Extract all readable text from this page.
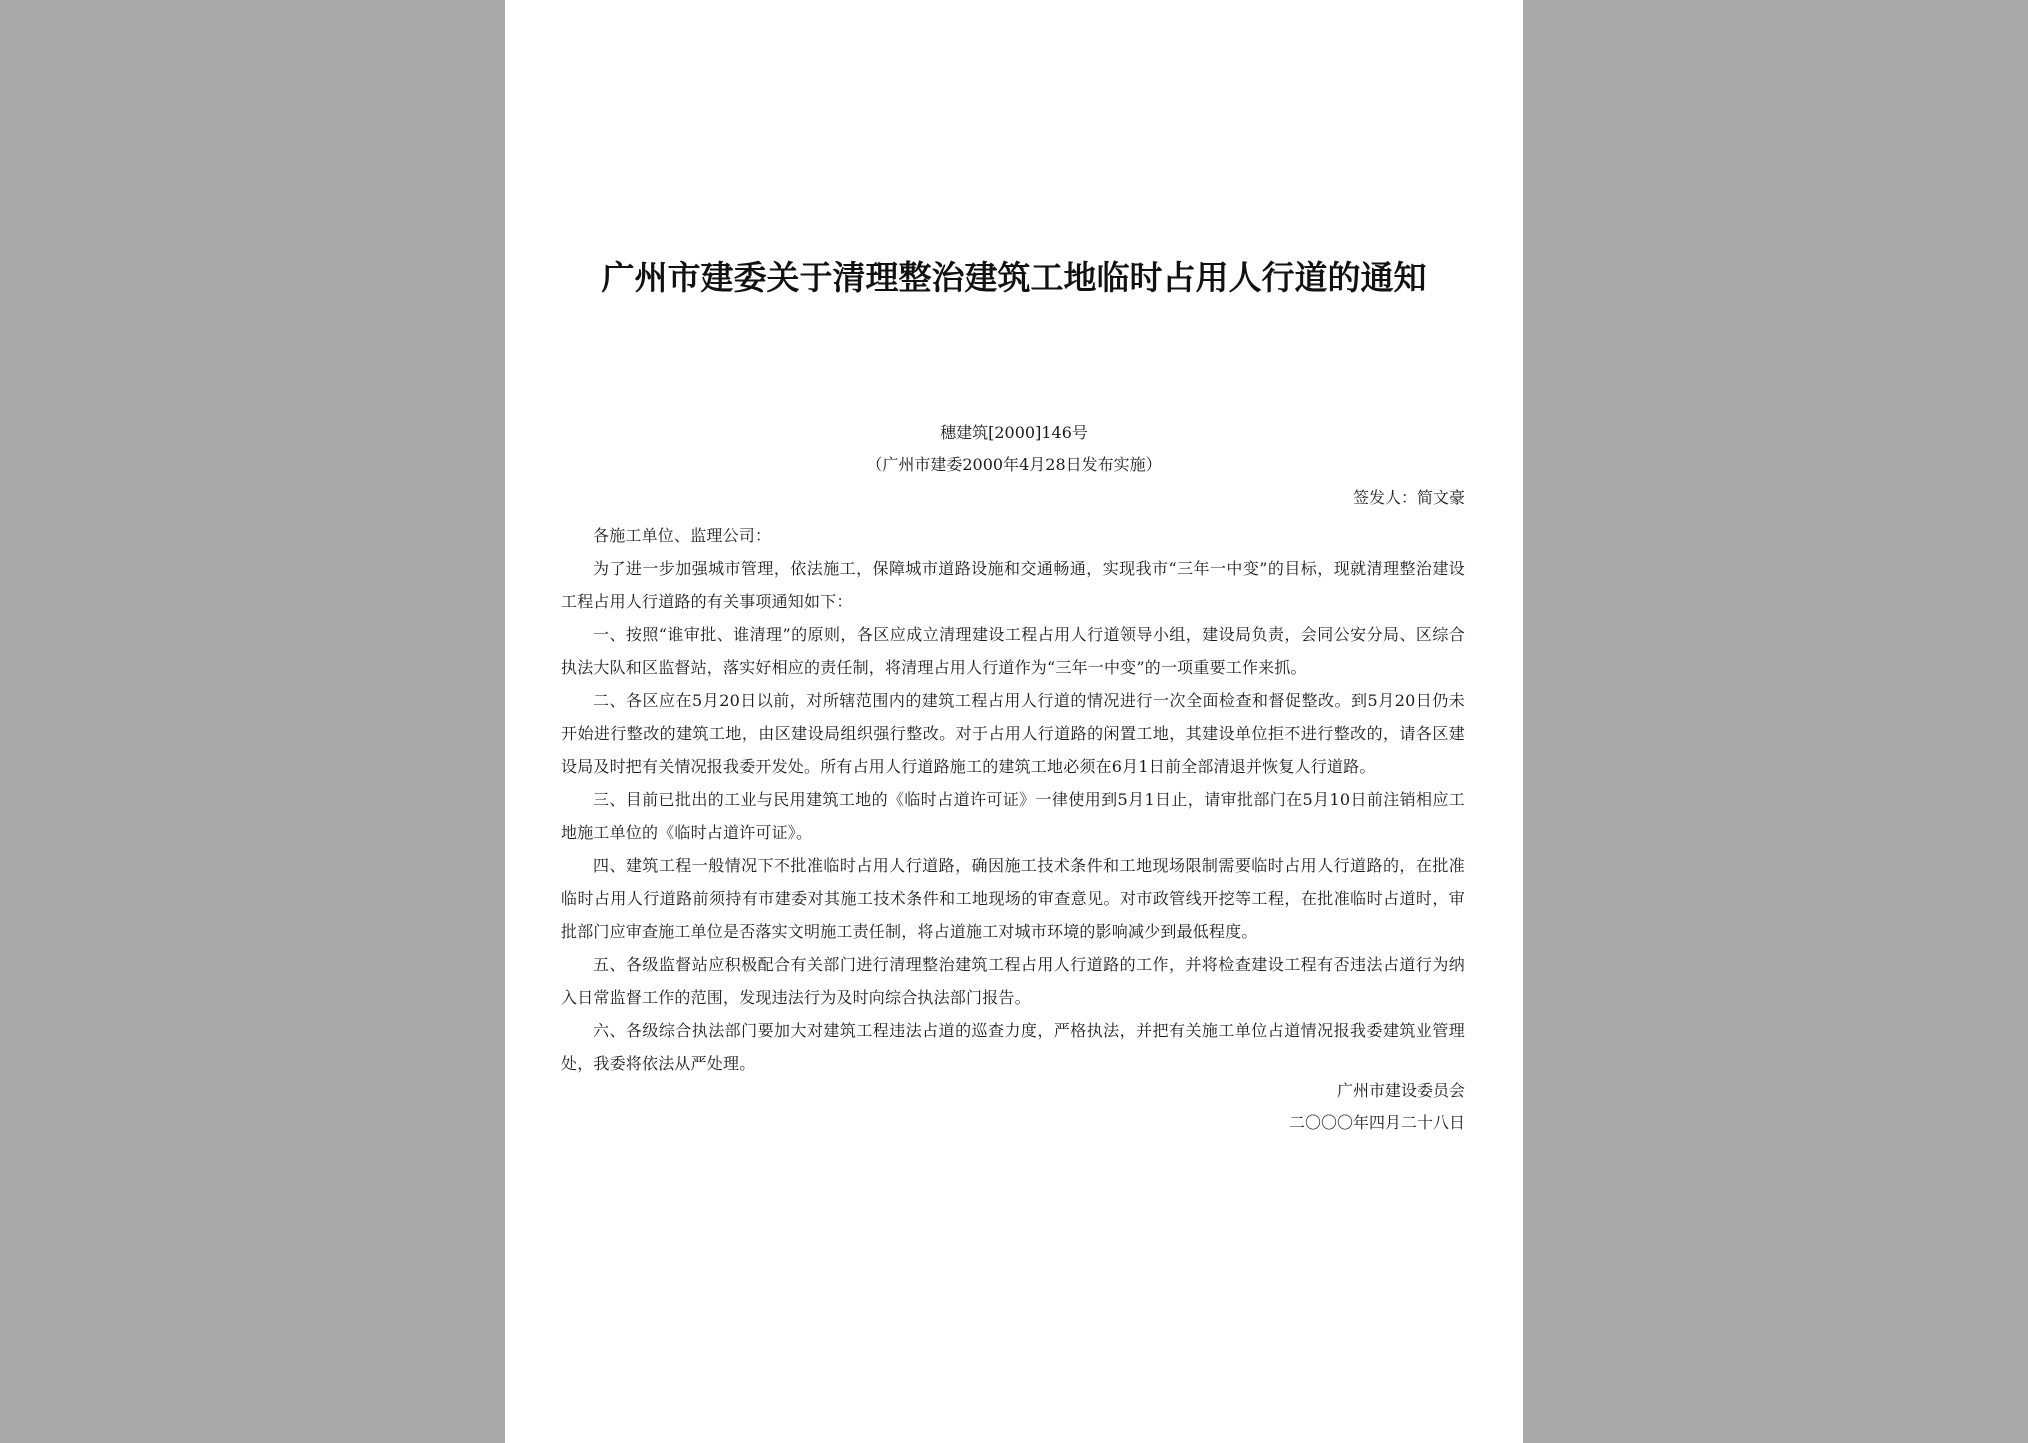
广州市建委关于清理整治建筑工地临时占用人行道的通知
穗建筑[2000]146号
（广州市建委2000年4月28日发布实施）
签发人：简文豪

各施工单位、监理公司：

为了进一步加强城市管理，依法施工，保障城市道路设施和交通畅通，实现我市“三年一中变”的目标，现就清理整治建设工程占用人行道路的有关事项通知如下：

一、按照“谁审批、谁清理”的原则，各区应成立清理建设工程占用人行道领导小组，建设局负责，会同公安分局、区综合执法大队和区监督站，落实好相应的责任制，将清理占用人行道作为“三年一中变”的一项重要工作来抓。

二、各区应在5月20日以前，对所辖范围内的建筑工程占用人行道的情况进行一次全面检查和督促整改。到5月20日仍未开始进行整改的建筑工地，由区建设局组织强行整改。对于占用人行道路的闲置工地，其建设单位拒不进行整改的，请各区建设局及时把有关情况报我委开发处。所有占用人行道路施工的建筑工地必须在6月1日前全部清退并恢复人行道路。

三、目前已批出的工业与民用建筑工地的《临时占道许可证》一律使用到5月1日止，请审批部门在5月10日前注销相应工地施工单位的《临时占道许可证》。

四、建筑工程一般情况下不批准临时占用人行道路，确因施工技术条件和工地现场限制需要临时占用人行道路的，在批准临时占用人行道路前须持有市建委对其施工技术条件和工地现场的审查意见。对市政管线开挖等工程，在批准临时占道时，审批部门应审查施工单位是否落实文明施工责任制，将占道施工对城市环境的影响减少到最低程度。

五、各级监督站应积极配合有关部门进行清理整治建筑工程占用人行道路的工作，并将检查建设工程有否违法占道行为纳入日常监督工作的范围，发现违法行为及时向综合执法部门报告。

六、各级综合执法部门要加大对建筑工程违法占道的巡查力度，严格执法，并把有关施工单位占道情况报我委建筑业管理处，我委将依法从严处理。

广州市建设委员会
二〇〇〇年四月二十八日
